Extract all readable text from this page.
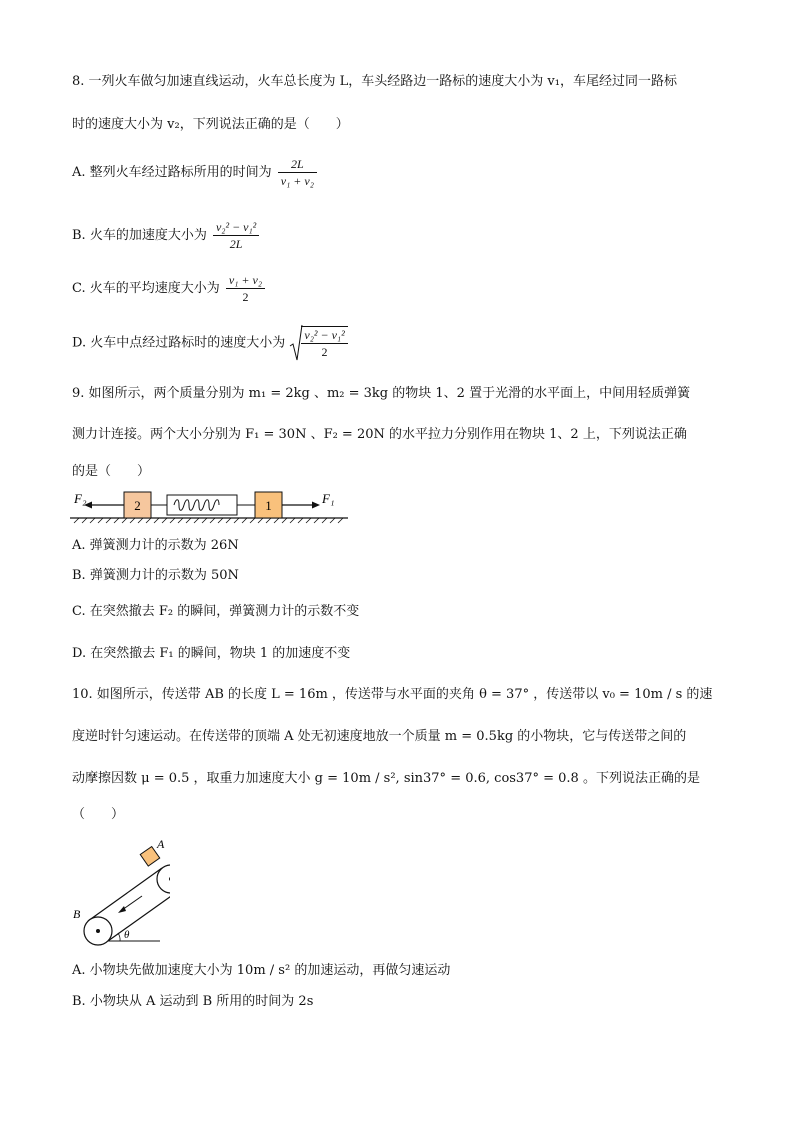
8. 一列火车做匀加速直线运动，火车总长度为 L，车头经路边一路标的速度大小为 v₁，车尾经过同一路标
时的速度大小为 v₂，下列说法正确的是（　　）
A. 整列火车经过路标所用的时间为 $\frac{2L}{\text{v₁ + v₂}}$
B. 火车的加速度大小为 $\frac{\text{v₂² − v₁²}}{2L}$
C. 火车的平均速度大小为 $\frac{\text{v₁ + v₂}}{2}$
D. 火车中点经过路标时的速度大小为 $\frac{\text{v₂² − v₁²}}{2}$
9. 如图所示，两个质量分别为 m₁ = 2kg 、m₂ = 3kg 的物块 1、2 置于光滑的水平面上，中间用轻质弹簧
测力计连接。两个大小分别为 F₁ = 30N 、F₂ = 20N 的水平拉力分别作用在物块 1、2 上，下列说法正确
的是（　　）
F₂	2	1	F₁
A. 弹簧测力计的示数为 26N
B. 弹簧测力计的示数为 50N
C. 在突然撤去 F₂ 的瞬间，弹簧测力计的示数不变
D. 在突然撤去 F₁ 的瞬间，物块 1 的加速度不变
10. 如图所示，传送带 AB 的长度 L = 16m ，传送带与水平面的夹角 θ = 37° ，传送带以 v₀ = 10m / s 的速
度逆时针匀速运动。在传送带的顶端 A 处无初速度地放一个质量 m = 0.5kg 的小物块，它与传送带之间的
动摩擦因数 μ = 0.5 ，取重力加速度大小 g = 10m / s², sin37° = 0.6, cos37° = 0.8 。下列说法正确的是
（　　）
A
B
θ
A. 小物块先做加速度大小为 10m / s² 的加速运动，再做匀速运动
B. 小物块从 A 运动到 B 所用的时间为 2s
